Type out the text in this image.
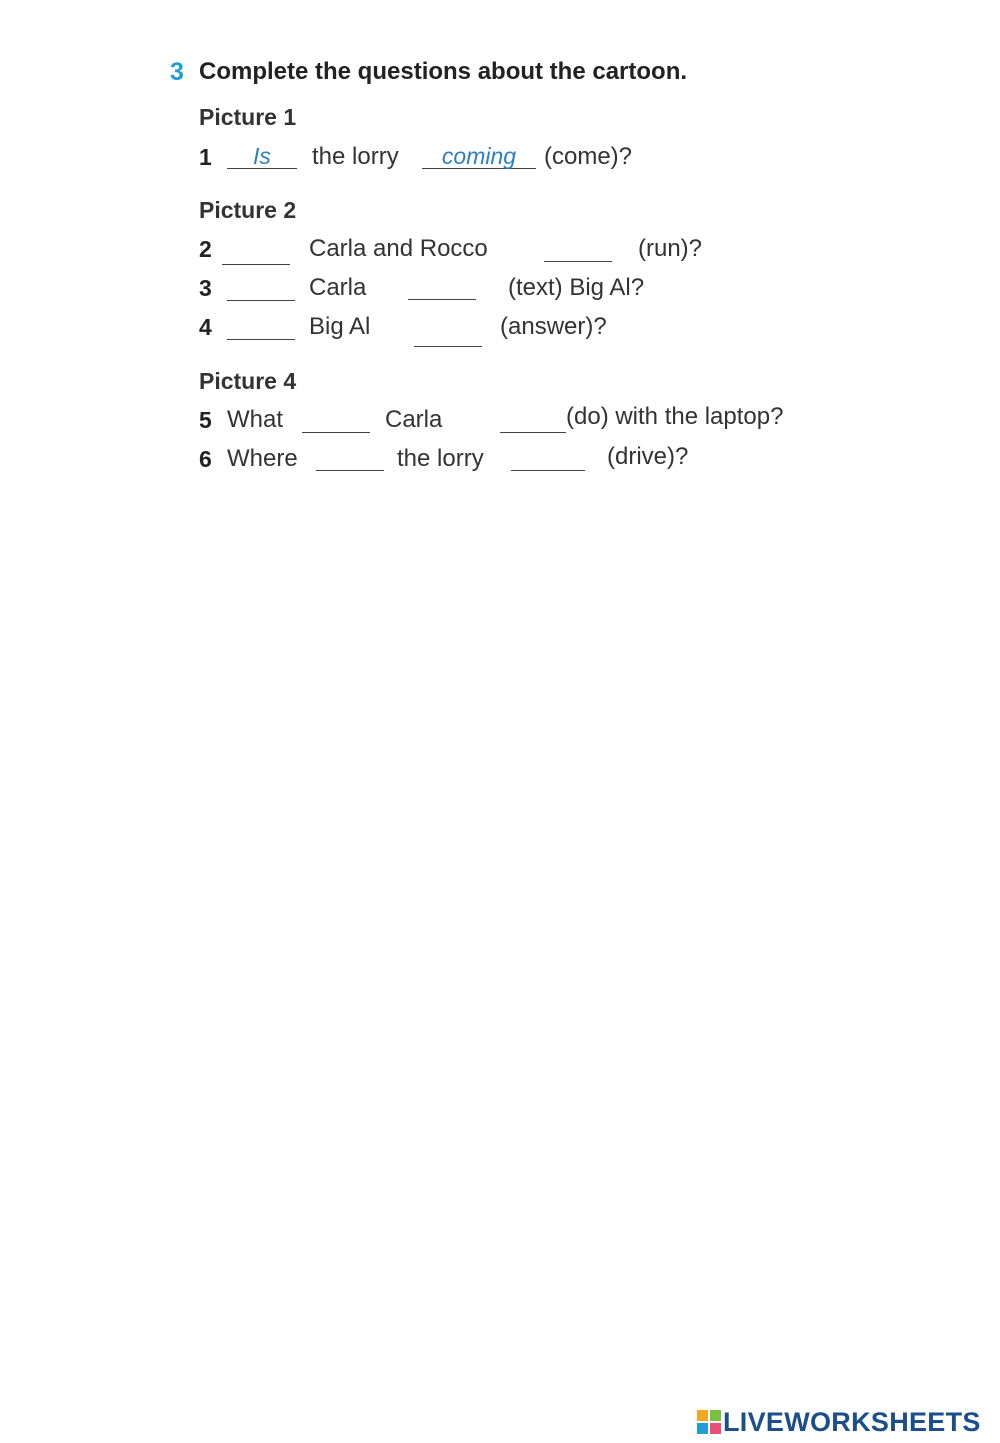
3 Complete the questions about the cartoon.
Picture 1
1	Is	the lorry	coming	(come)?
Picture 2
2	Carla and Rocco	(run)?
3	Carla	(text) Big Al?
4	Big Al	(answer)?
Picture 4
5 What	Carla	(do) with the laptop?
6 Where	the lorry	(drive)?
LIVEWORKSHEETS
